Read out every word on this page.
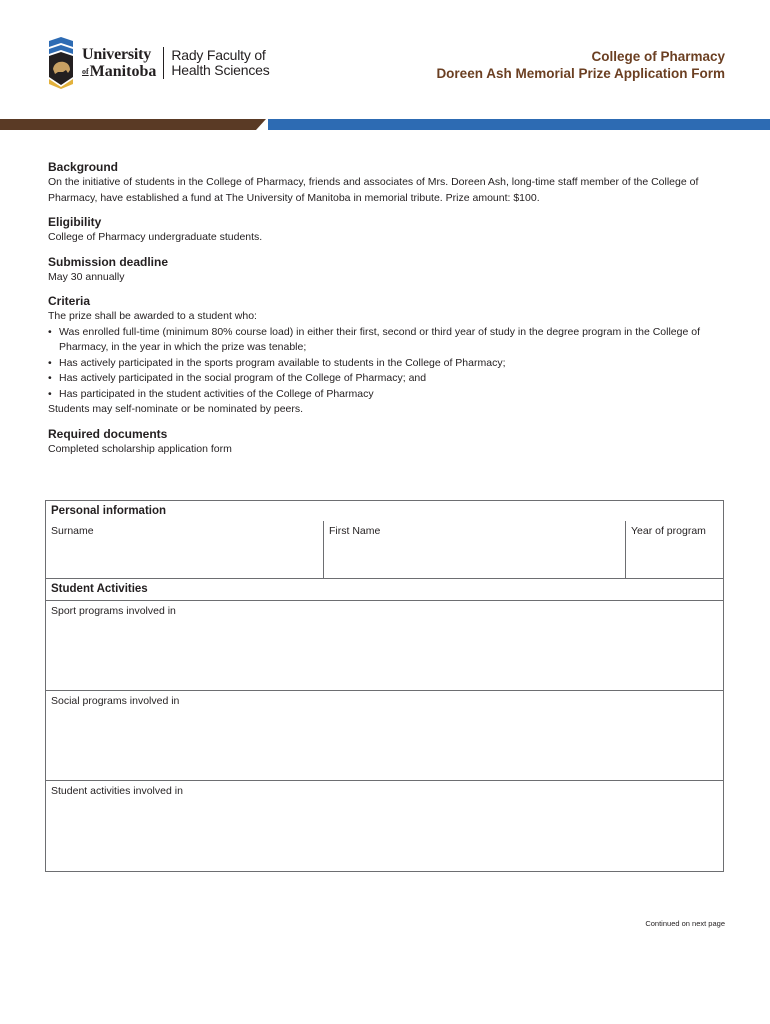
University
ofManitoba
Rady Faculty of
Health Sciences
College of Pharmacy
Doreen Ash Memorial Prize Application Form
Background

On the initiative of students in the College of Pharmacy, friends and associates of Mrs. Doreen Ash, long-time staff member of the College of Pharmacy, have established a fund at The University of Manitoba in memorial tribute. Prize amount: $100.

Eligibility

College of Pharmacy undergraduate students.

Submission deadline

May 30 annually

Criteria

The prize shall be awarded to a student who:

• Was enrolled full-time (minimum 80% course load) in either their first, second or third year of study in the degree program in the College of Pharmacy, in the year in which the prize was tenable;
• Has actively participated in the sports program available to students in the College of Pharmacy;
• Has actively participated in the social program of the College of Pharmacy; and
• Has participated in the student activities of the College of Pharmacy

Students may self-nominate or be nominated by peers.

Required documents

Completed scholarship application form

Personal information
Surname	First Name	Year of program
Student Activities
Sport programs involved in
Social programs involved in
Student activities involved in
Continued on next page
